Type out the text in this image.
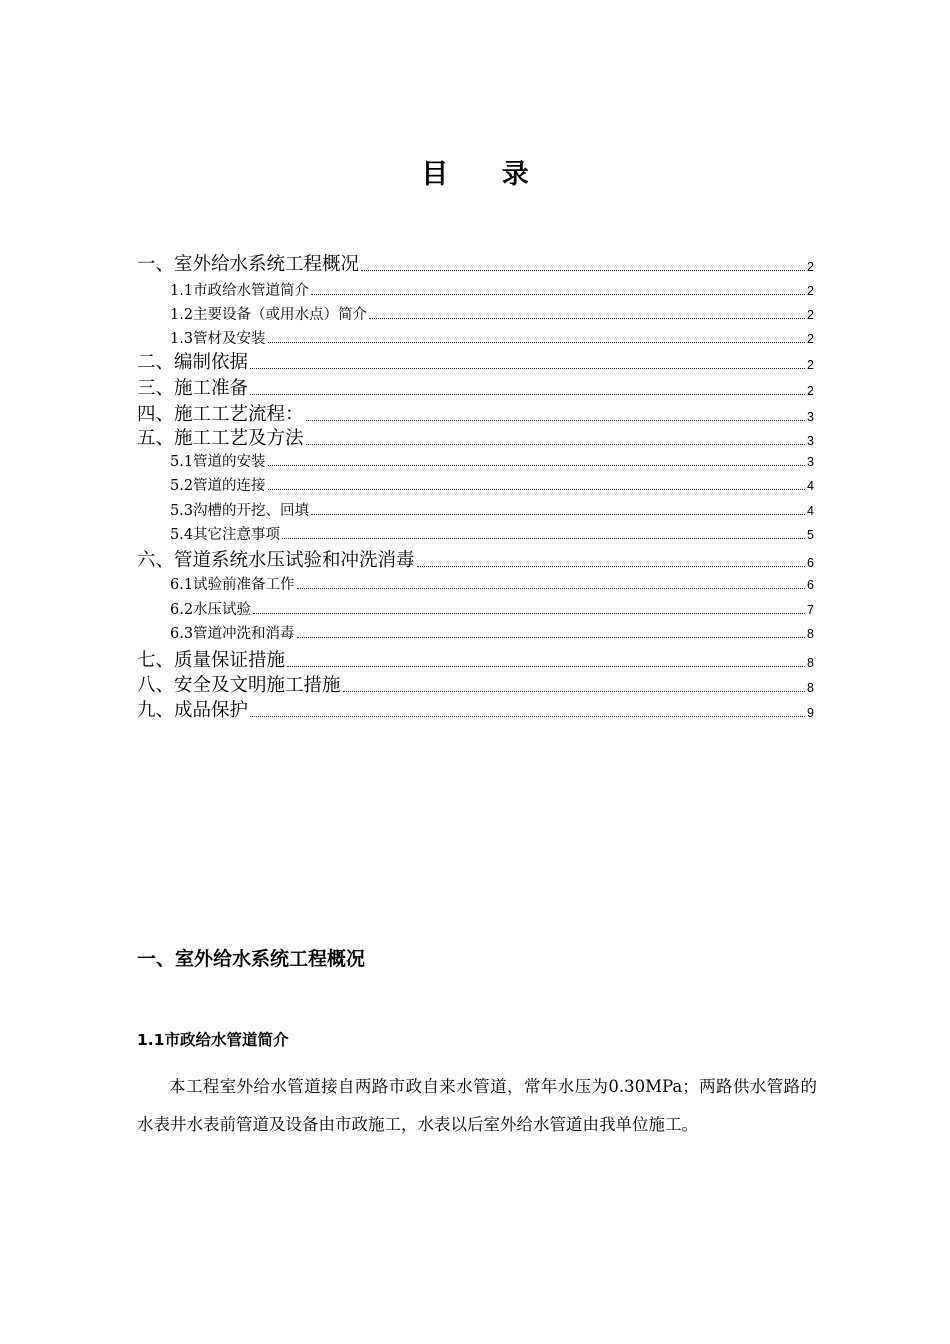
目 录
一、室外给水系统工程概况	2
1.1市政给水管道简介	2
1.2主要设备（或用水点）简介	2
1.3管材及安装	2
二、编制依据	2
三、施工准备	2
四、施工工艺流程：	3
五、施工工艺及方法	3
5.1管道的安装	3
5.2管道的连接	4
5.3沟槽的开挖、回填	4
5.4其它注意事项	5
六、管道系统水压试验和冲洗消毒	6
6.1试验前准备工作	6
6.2水压试验	7
6.3管道冲洗和消毒	8
七、质量保证措施	8
八、安全及文明施工措施	8
九、成品保护	9
一、室外给水系统工程概况
1.1市政给水管道简介
本工程室外给水管道接自两路市政自来水管道，常年水压为0.30MPa；两路供水管路的水表井水表前管道及设备由市政施工，水表以后室外给水管道由我单位施工。
